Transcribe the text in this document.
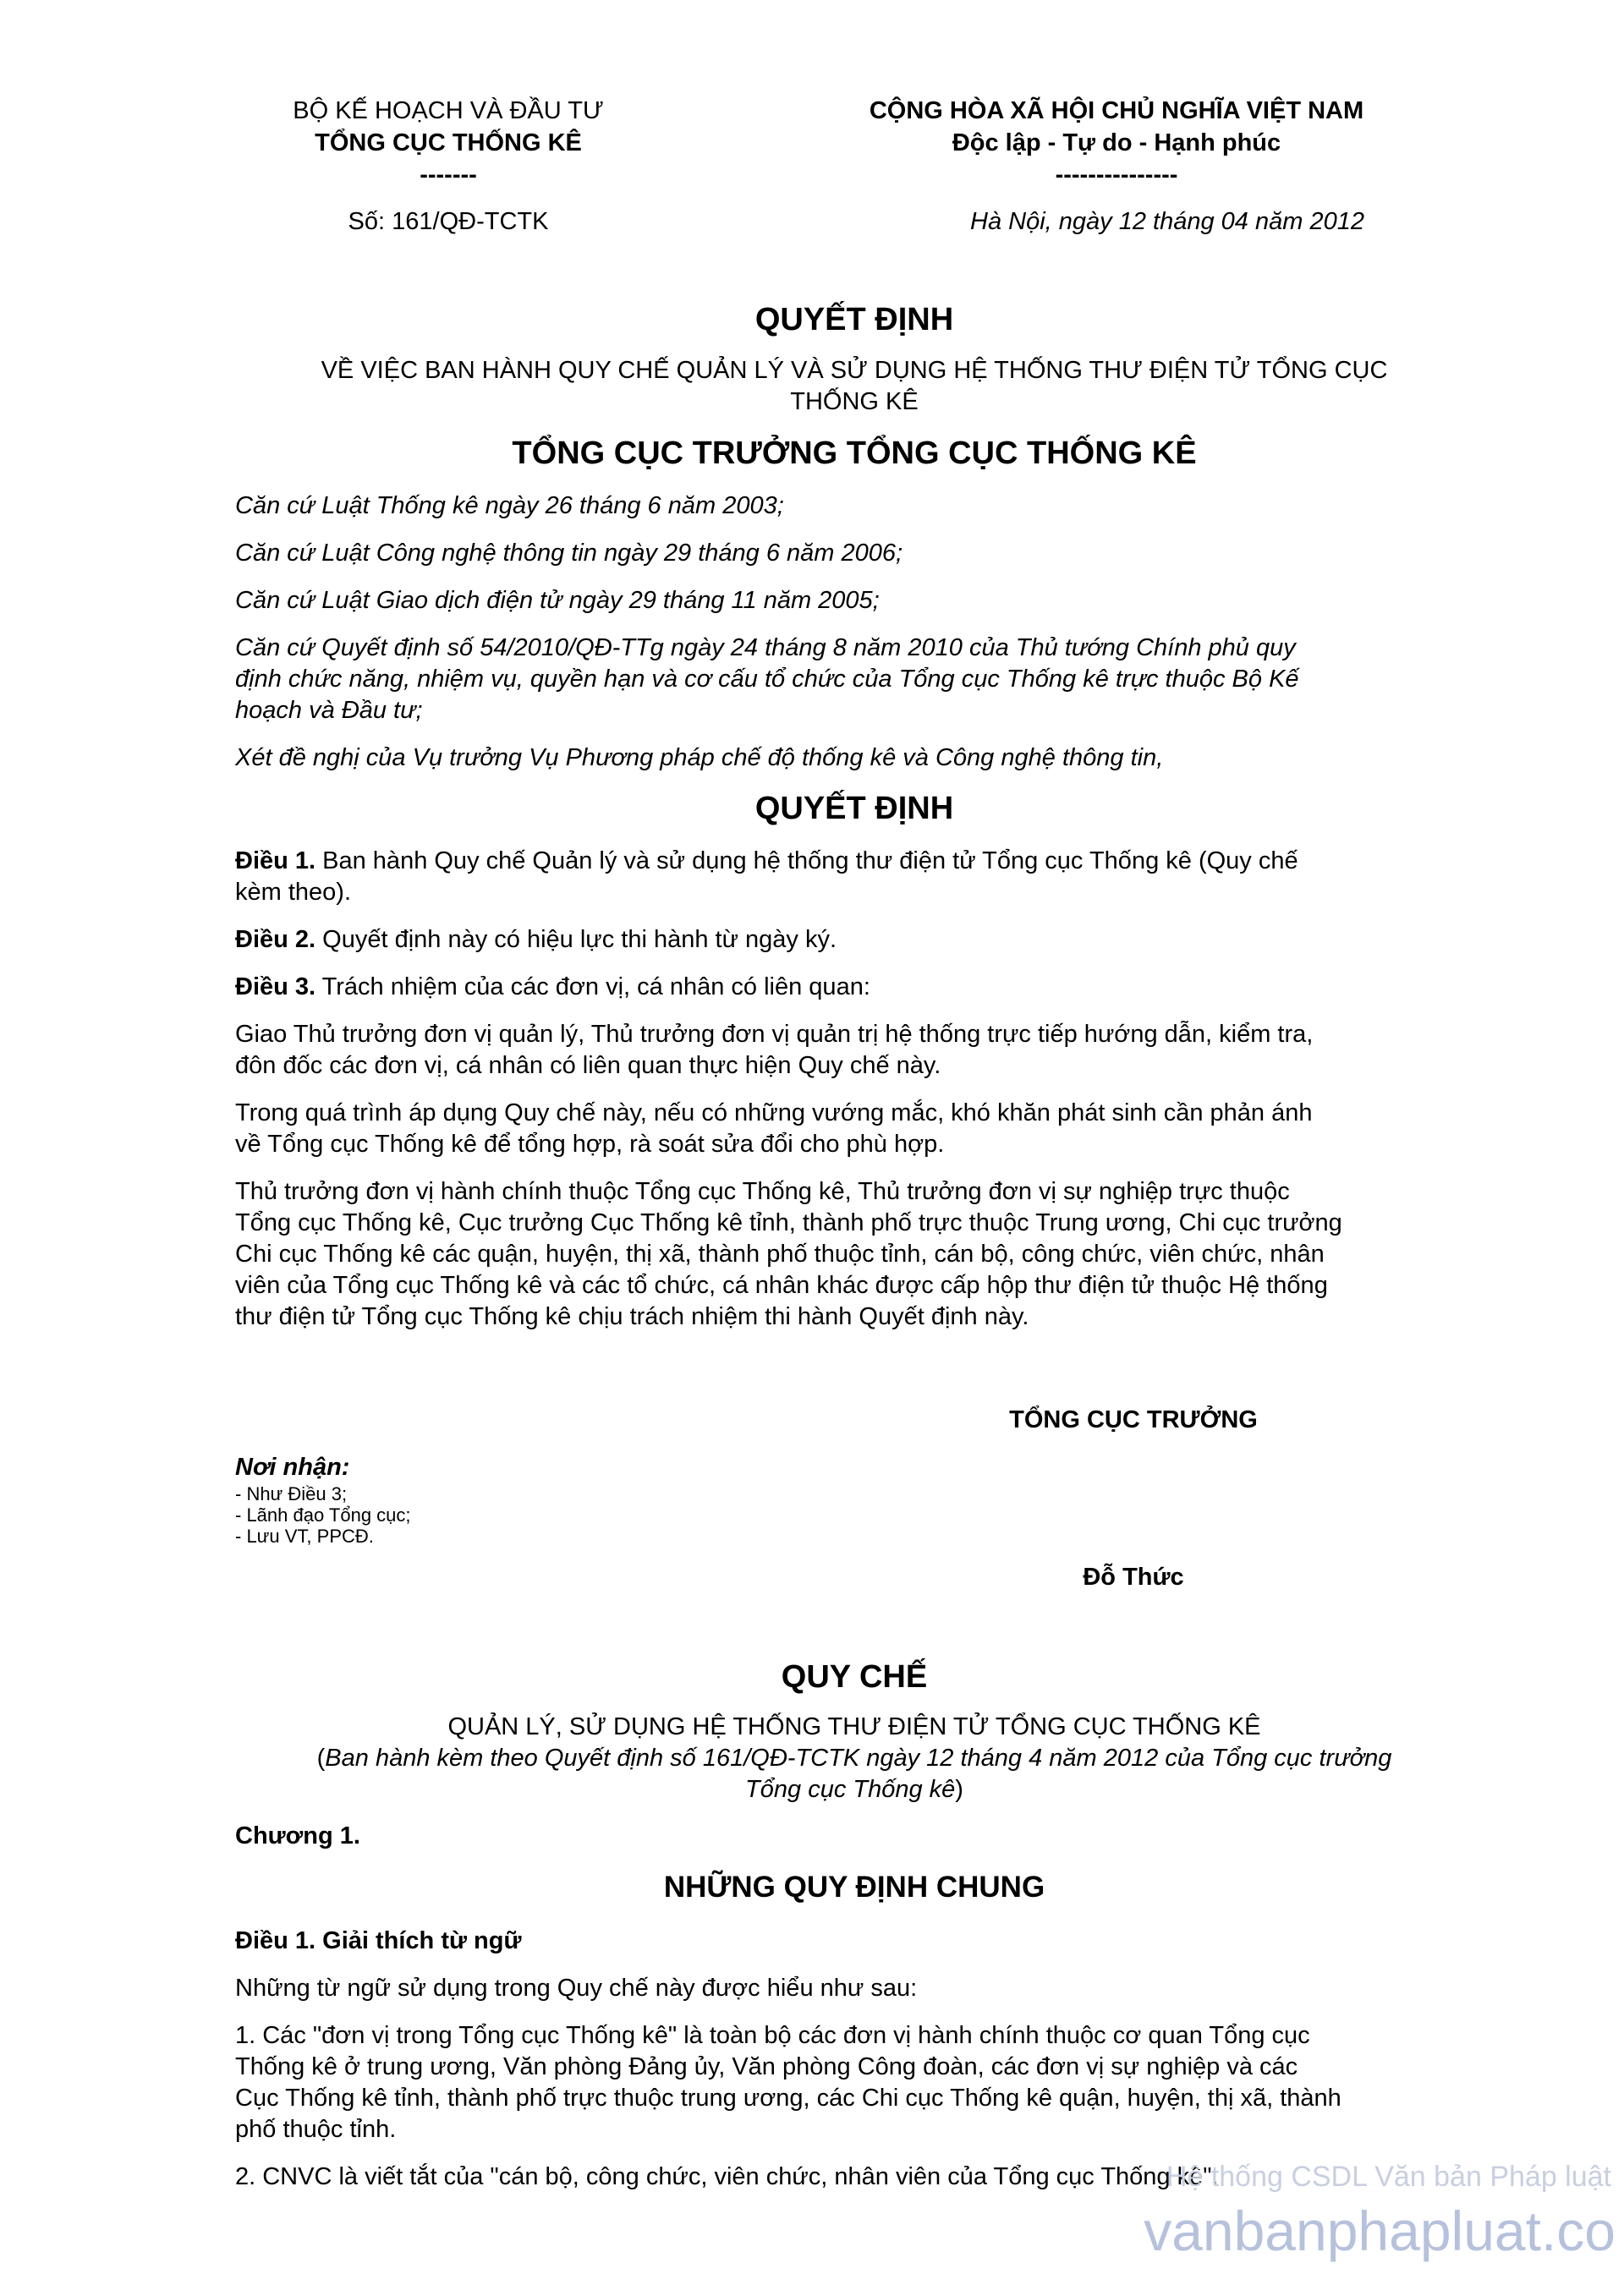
BỘ KẾ HOẠCH VÀ ĐẦU TƯ

TỔNG CỤC THỐNG KÊ

-------

Số: 161/QĐ-TCTK

CỘNG HÒA XÃ HỘI CHỦ NGHĨA VIỆT NAM

Độc lập - Tự do - Hạnh phúc

---------------

Hà Nội, ngày 12 tháng 04 năm 2012

QUYẾT ĐỊNH

VỀ VIỆC BAN HÀNH QUY CHẾ QUẢN LÝ VÀ SỬ DỤNG HỆ THỐNG THƯ ĐIỆN TỬ TỔNG CỤC

THỐNG KÊ

TỔNG CỤC TRƯỞNG TỔNG CỤC THỐNG KÊ

Căn cứ Luật Thống kê ngày 26 tháng 6 năm 2003;

Căn cứ Luật Công nghệ thông tin ngày 29 tháng 6 năm 2006;

Căn cứ Luật Giao dịch điện tử ngày 29 tháng 11 năm 2005;

Căn cứ Quyết định số 54/2010/QĐ-TTg ngày 24 tháng 8 năm 2010 của Thủ tướng Chính phủ quy

định chức năng, nhiệm vụ, quyền hạn và cơ cấu tổ chức của Tổng cục Thống kê trực thuộc Bộ Kế

hoạch và Đầu tư;

Xét đề nghị của Vụ trưởng Vụ Phương pháp chế độ thống kê và Công nghệ thông tin,

QUYẾT ĐỊNH

Điều 1. Ban hành Quy chế Quản lý và sử dụng hệ thống thư điện tử Tổng cục Thống kê (Quy chế

kèm theo).

Điều 2. Quyết định này có hiệu lực thi hành từ ngày ký.

Điều 3. Trách nhiệm của các đơn vị, cá nhân có liên quan:

Giao Thủ trưởng đơn vị quản lý, Thủ trưởng đơn vị quản trị hệ thống trực tiếp hướng dẫn, kiểm tra,

đôn đốc các đơn vị, cá nhân có liên quan thực hiện Quy chế này.

Trong quá trình áp dụng Quy chế này, nếu có những vướng mắc, khó khăn phát sinh cần phản ánh

về Tổng cục Thống kê để tổng hợp, rà soát sửa đổi cho phù hợp.

Thủ trưởng đơn vị hành chính thuộc Tổng cục Thống kê, Thủ trưởng đơn vị sự nghiệp trực thuộc

Tổng cục Thống kê, Cục trưởng Cục Thống kê tỉnh, thành phố trực thuộc Trung ương, Chi cục trưởng

Chi cục Thống kê các quận, huyện, thị xã, thành phố thuộc tỉnh, cán bộ, công chức, viên chức, nhân

viên của Tổng cục Thống kê và các tổ chức, cá nhân khác được cấp hộp thư điện tử thuộc Hệ thống

thư điện tử Tổng cục Thống kê chịu trách nhiệm thi hành Quyết định này.

TỔNG CỤC TRƯỞNG
Đỗ Thức

Nơi nhận:

- Như Điều 3;

- Lãnh đạo Tổng cục;

- Lưu VT, PPCĐ.

QUY CHẾ
QUẢN LÝ, SỬ DỤNG HỆ THỐNG THƯ ĐIỆN TỬ TỔNG CỤC THỐNG KÊ

(Ban hành kèm theo Quyết định số 161/QĐ-TCTK ngày 12 tháng 4 năm 2012 của Tổng cục trưởng

Tổng cục Thống kê)

Chương 1.
NHỮNG QUY ĐỊNH CHUNG

Điều 1. Giải thích từ ngữ

Những từ ngữ sử dụng trong Quy chế này được hiểu như sau:

1. Các "đơn vị trong Tổng cục Thống kê" là toàn bộ các đơn vị hành chính thuộc cơ quan Tổng cục

Thống kê ở trung ương, Văn phòng Đảng ủy, Văn phòng Công đoàn, các đơn vị sự nghiệp và các

Cục Thống kê tỉnh, thành phố trực thuộc trung ương, các Chi cục Thống kê quận, huyện, thị xã, thành

phố thuộc tỉnh.

2. CNVC là viết tắt của "cán bộ, công chức, viên chức, nhân viên của Tổng cục Thống kê".

Hệ thống CSDL Văn bản Pháp luật
vanbanphapluat.co
